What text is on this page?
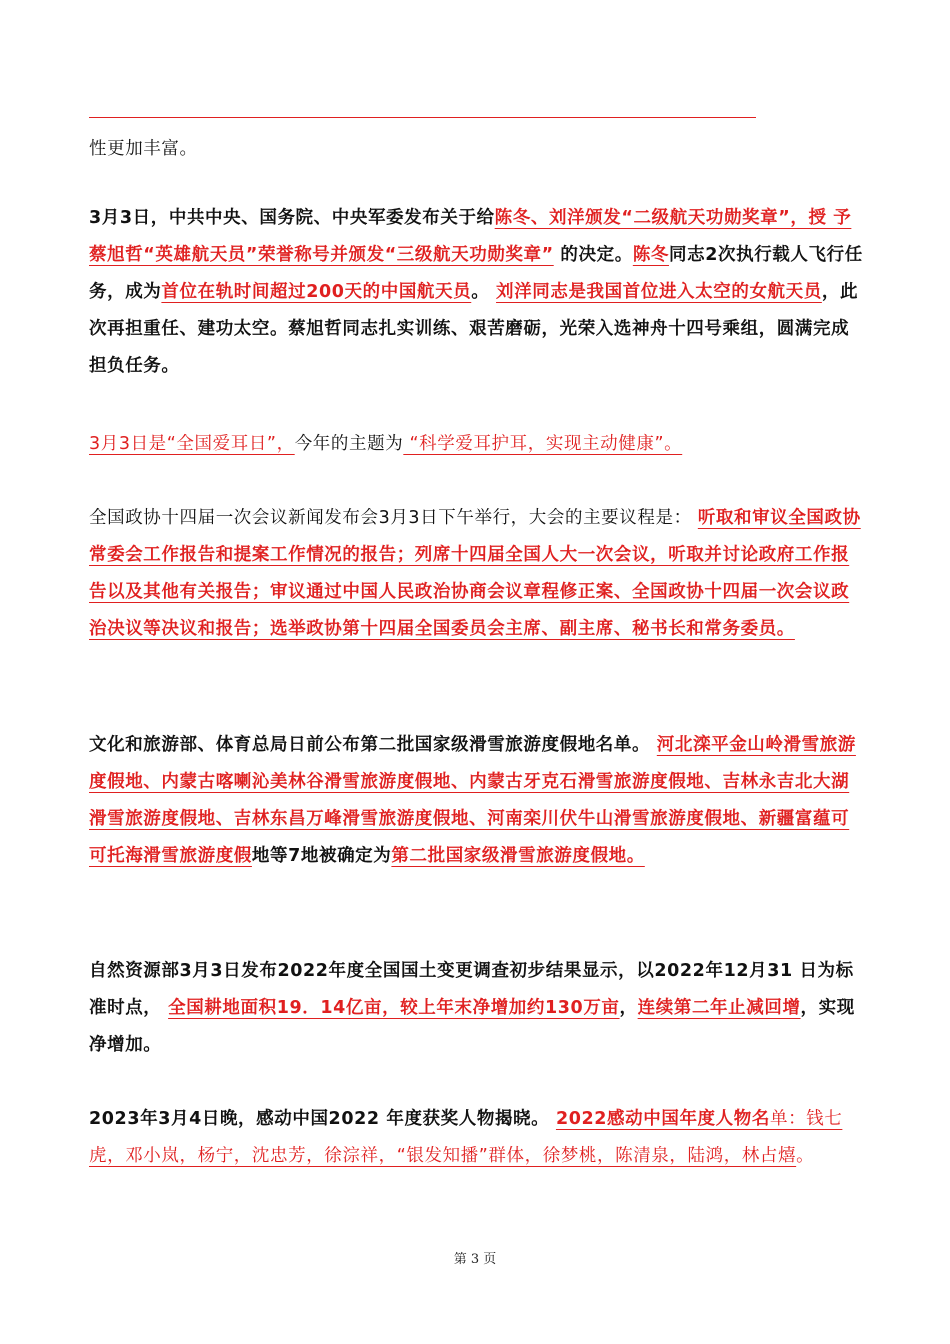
性更加丰富。

3月3日，中共中央、国务院、中央军委发布关于给陈冬、刘洋颁发“二级航天功勋奖章”，授 予蔡旭哲“英雄航天员”荣誉称号并颁发“三级航天功勋奖章” 的决定。陈冬同志2次执行载人飞行任务，成为首位在轨时间超过200天的中国航天员。 刘洋同志是我国首位进入太空的女航天员，此次再担重任、建功太空。蔡旭哲同志扎实训练、艰苦磨砺，光荣入选神舟十四号乘组，圆满完成担负任务。

3月3日是“全国爱耳日”，今年的主题为 “科学爱耳护耳，实现主动健康”。

全国政协十四届一次会议新闻发布会3月3日下午举行，大会的主要议程是： 听取和审议全国政协常委会工作报告和提案工作情况的报告；列席十四届全国人大一次会议，听取并讨论政府工作报告以及其他有关报告；审议通过中国人民政治协商会议章程修正案、全国政协十四届一次会议政治决议等决议和报告；选举政协第十四届全国委员会主席、副主席、秘书长和常务委员。

文化和旅游部、体育总局日前公布第二批国家级滑雪旅游度假地名单。 河北滦平金山岭滑雪旅游度假地、内蒙古喀喇沁美林谷滑雪旅游度假地、内蒙古牙克石滑雪旅游度假地、吉林永吉北大湖滑雪旅游度假地、吉林东昌万峰滑雪旅游度假地、河南栾川伏牛山滑雪旅游度假地、新疆富蕴可可托海滑雪旅游度假地等7地被确定为第二批国家级滑雪旅游度假地。

自然资源部3月3日发布2022年度全国国土变更调查初步结果显示，以2022年12月31 日为标准时点， 全国耕地面积19．14亿亩，较上年末净增加约130万亩，连续第二年止减回增，实现净增加。

2023年3月4日晚，感动中国2022 年度获奖人物揭晓。 2022感动中国年度人物名单：钱七虎，邓小岚，杨宁，沈忠芳，徐淙祥，“银发知播”群体，徐梦桃，陈清泉，陆鸿，林占熺。

第 3 页
